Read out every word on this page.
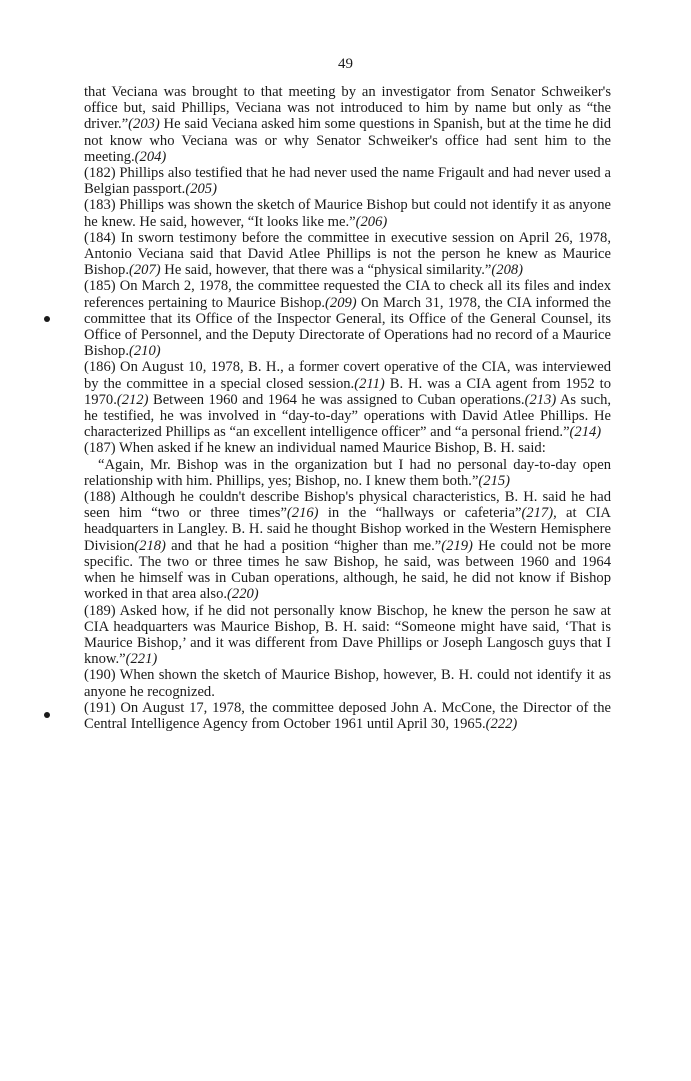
49

that Veciana was brought to that meeting by an investigator from Senator Schweiker's office but, said Phillips, Veciana was not introduced to him by name but only as “the driver.”(203) He said Veciana asked him some questions in Spanish, but at the time he did not know who Veciana was or why Senator Schweiker's office had sent him to the meeting.(204)

(182) Phillips also testified that he had never used the name Frigault and had never used a Belgian passport.(205)

(183) Phillips was shown the sketch of Maurice Bishop but could not identify it as anyone he knew. He said, however, “It looks like me.”(206)

(184) In sworn testimony before the committee in executive session on April 26, 1978, Antonio Veciana said that David Atlee Phillips is not the person he knew as Maurice Bishop.(207) He said, however, that there was a “physical similarity.”(208)

(185) On March 2, 1978, the committee requested the CIA to check all its files and index references pertaining to Maurice Bishop.(209) On March 31, 1978, the CIA informed the committee that its Office of the Inspector General, its Office of the General Counsel, its Office of Personnel, and the Deputy Directorate of Operations had no record of a Maurice Bishop.(210)

(186) On August 10, 1978, B. H., a former covert operative of the CIA, was interviewed by the committee in a special closed session.(211) B. H. was a CIA agent from 1952 to 1970.(212) Between 1960 and 1964 he was assigned to Cuban operations.(213) As such, he testified, he was involved in “day-to-day” operations with David Atlee Phillips. He characterized Phillips as “an excellent intelligence officer” and “a personal friend.”(214)

(187) When asked if he knew an individual named Maurice Bishop, B. H. said:

“Again, Mr. Bishop was in the organization but I had no personal day-to-day open relationship with him. Phillips, yes; Bishop, no. I knew them both.”(215)

(188) Although he couldn't describe Bishop's physical characteristics, B. H. said he had seen him “two or three times”(216) in the “hallways or cafeteria”(217), at CIA headquarters in Langley. B. H. said he thought Bishop worked in the Western Hemisphere Division(218) and that he had a position “higher than me.”(219) He could not be more specific. The two or three times he saw Bishop, he said, was between 1960 and 1964 when he himself was in Cuban operations, although, he said, he did not know if Bishop worked in that area also.(220)

(189) Asked how, if he did not personally know Bischop, he knew the person he saw at CIA headquarters was Maurice Bishop, B. H. said: “Someone might have said, ‘That is Maurice Bishop,’ and it was different from Dave Phillips or Joseph Langosch guys that I know.”(221)

(190) When shown the sketch of Maurice Bishop, however, B. H. could not identify it as anyone he recognized.

(191) On August 17, 1978, the committee deposed John A. McCone, the Director of the Central Intelligence Agency from October 1961 until April 30, 1965.(222)
